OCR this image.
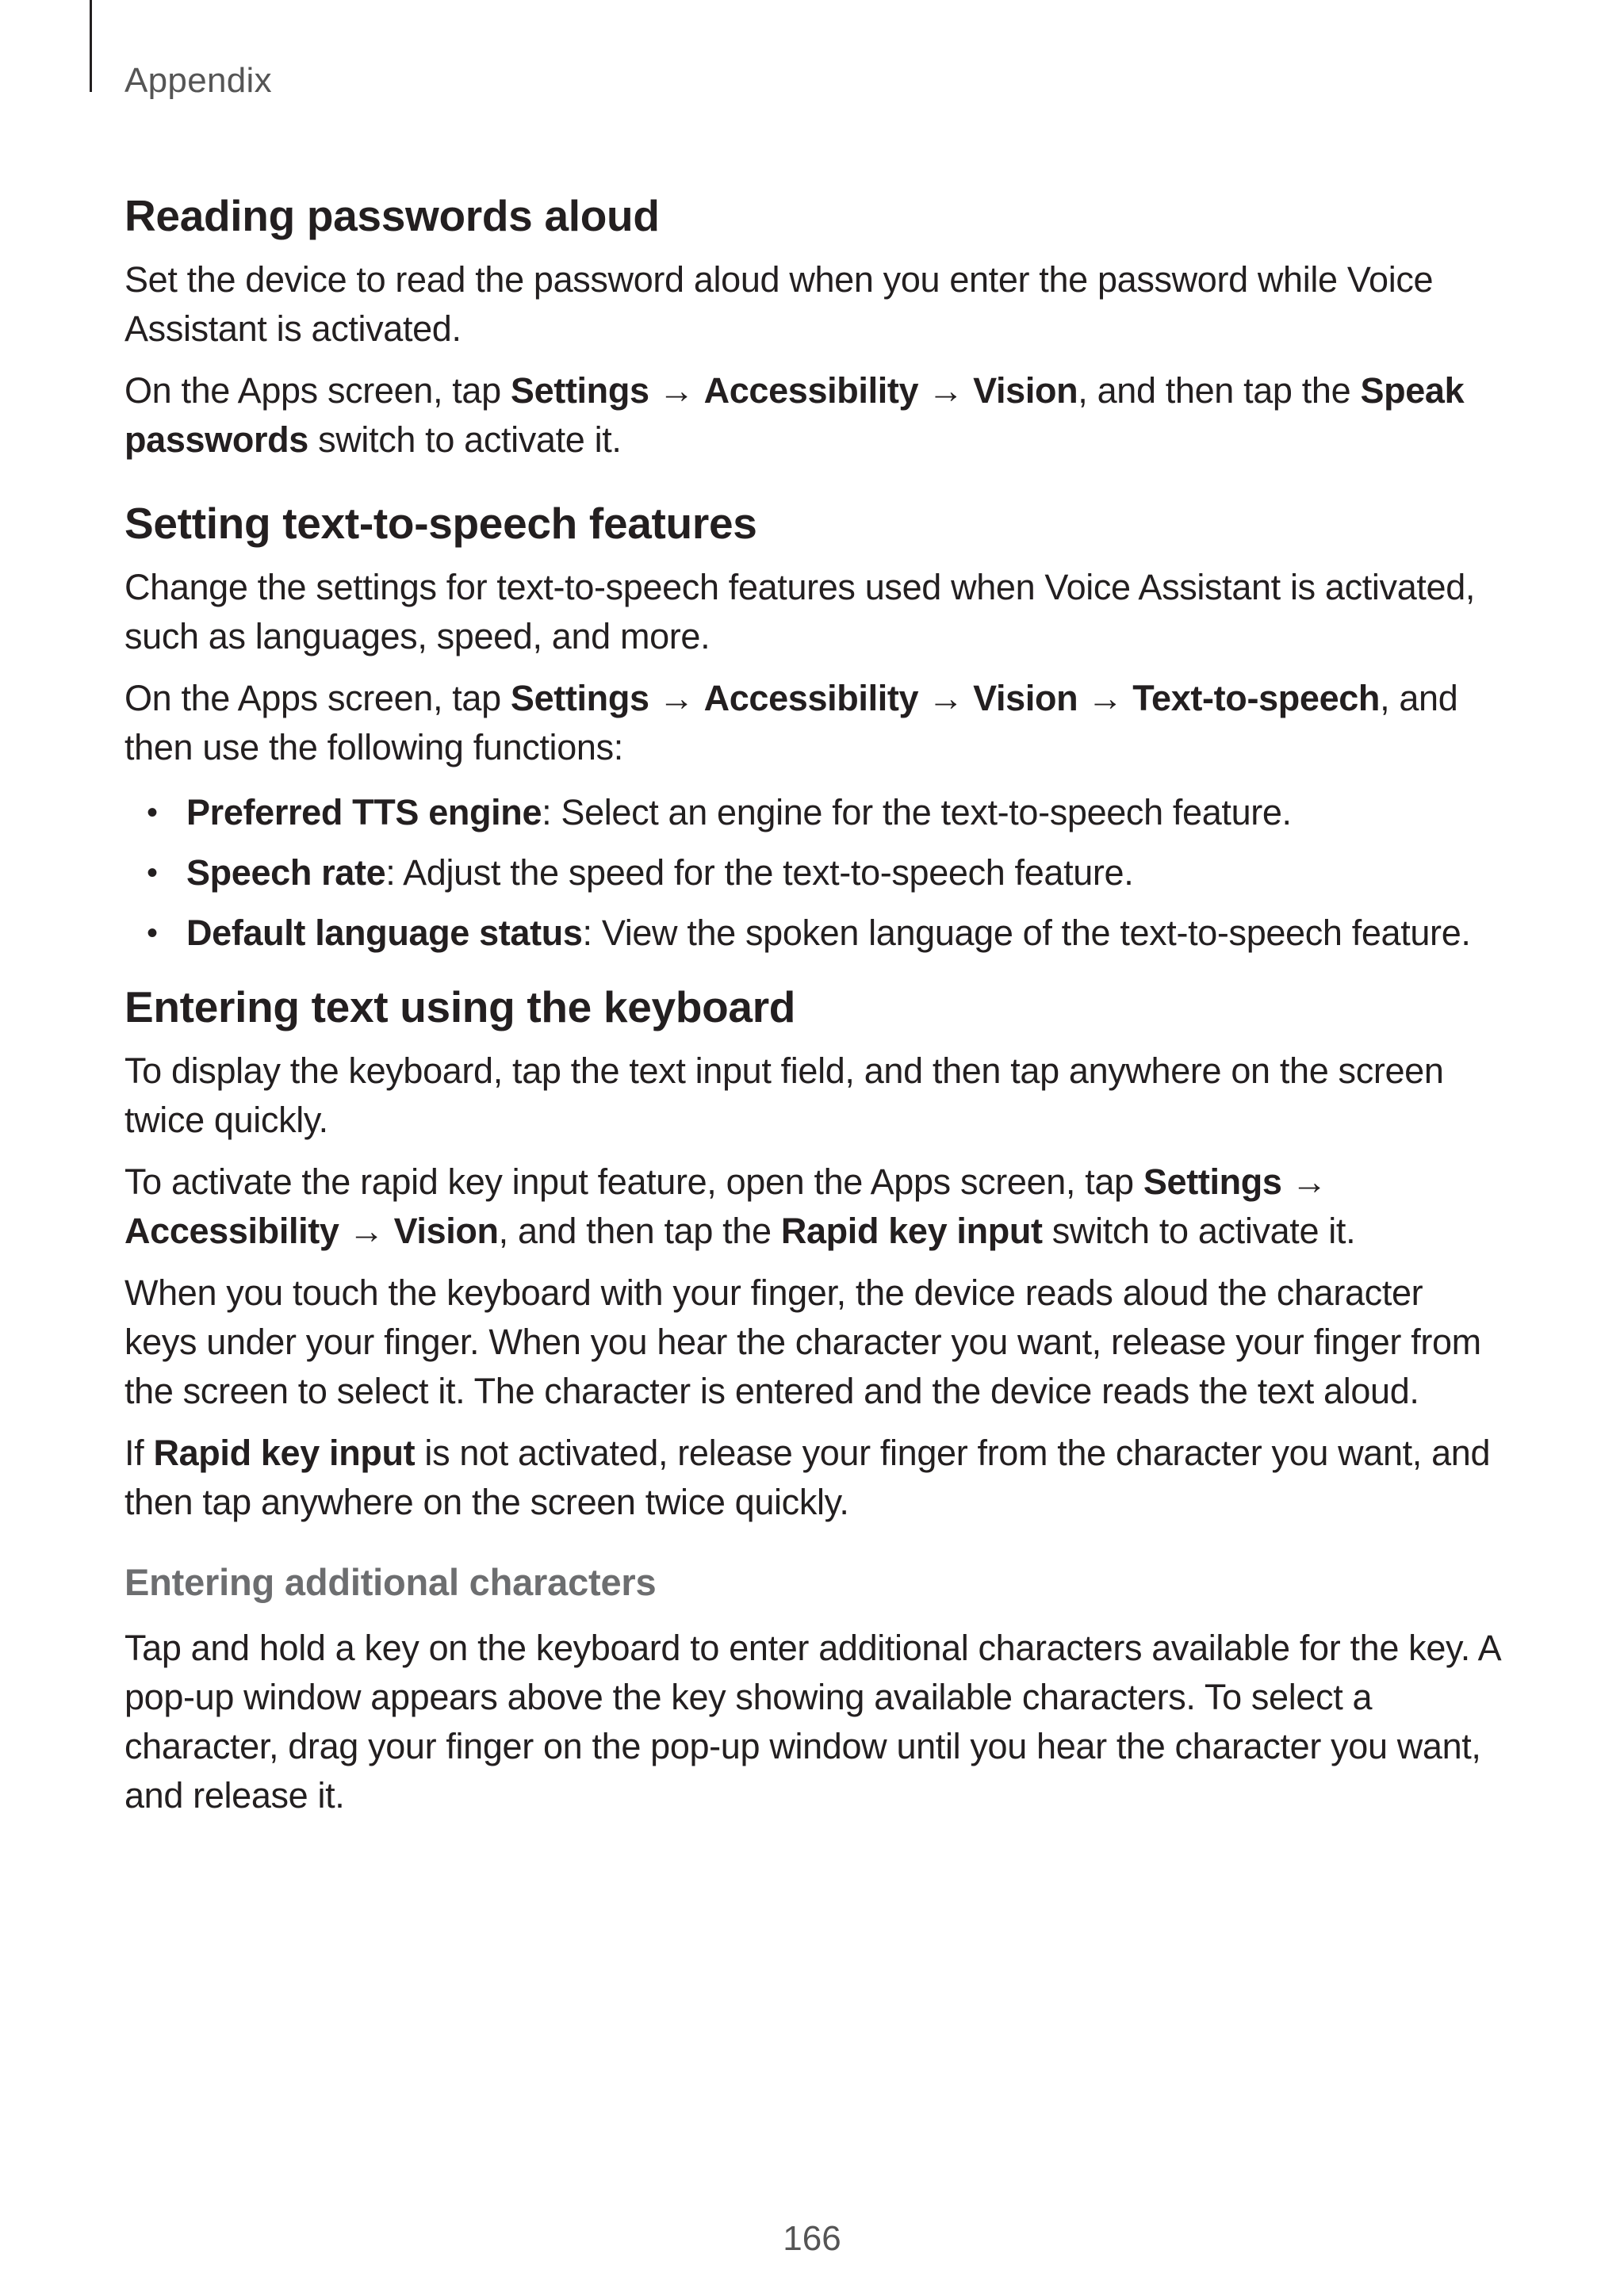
Appendix
Reading passwords aloud

Set the device to read the password aloud when you enter the password while Voice Assistant is activated.

On the Apps screen, tap Settings → Accessibility → Vision, and then tap the Speak passwords switch to activate it.

Setting text-to-speech features

Change the settings for text-to-speech features used when Voice Assistant is activated, such as languages, speed, and more.

On the Apps screen, tap Settings → Accessibility → Vision → Text-to-speech, and then use the following functions:

• Preferred TTS engine: Select an engine for the text-to-speech feature.
• Speech rate: Adjust the speed for the text-to-speech feature.
• Default language status: View the spoken language of the text-to-speech feature.
Entering text using the keyboard

To display the keyboard, tap the text input field, and then tap anywhere on the screen twice quickly.

To activate the rapid key input feature, open the Apps screen, tap Settings → Accessibility → Vision, and then tap the Rapid key input switch to activate it.

When you touch the keyboard with your finger, the device reads aloud the character keys under your finger. When you hear the character you want, release your finger from the screen to select it. The character is entered and the device reads the text aloud.

If Rapid key input is not activated, release your finger from the character you want, and then tap anywhere on the screen twice quickly.

Entering additional characters

Tap and hold a key on the keyboard to enter additional characters available for the key. A pop-up window appears above the key showing available characters. To select a character, drag your finger on the pop-up window until you hear the character you want, and release it.

166
